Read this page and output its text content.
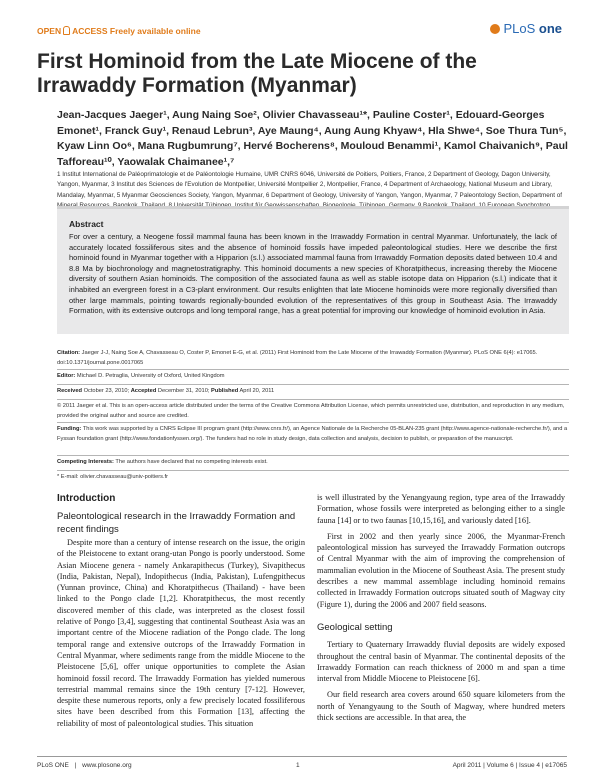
OPEN ACCESS Freely available online	PLoS one
First Hominoid from the Late Miocene of the Irrawaddy Formation (Myanmar)
Jean-Jacques Jaeger¹, Aung Naing Soe², Olivier Chavasseau¹*, Pauline Coster¹, Edouard-Georges Emonet¹, Franck Guy¹, Renaud Lebrun³, Aye Maung⁴, Aung Aung Khyaw⁴, Hla Shwe⁴, Soe Thura Tun⁵, Kyaw Linn Oo⁶, Mana Rugbumrung⁷, Hervé Bocherens⁸, Mouloud Benammi¹, Kamol Chaivanich⁹, Paul Tafforeau¹⁰, Yaowalak Chaimanee¹,⁷
1 Institut International de Paléoprimatologie et de Paléontologie Humaine, UMR CNRS 6046, Université de Poitiers, Poitiers, France, 2 Department of Geology, Dagon University, Yangon, Myanmar, 3 Institut des Sciences de l'Evolution de Montpellier, Université Montpellier 2, Montpellier, France, 4 Department of Archaeology, National Museum and Library, Mandalay, Myanmar, 5 Myanmar Geosciences Society, Yangon, Myanmar, 6 Department of Geology, University of Yangon, Yangon, Myanmar, 7 Paleontology Section, Department of
Abstract
For over a century, a Neogene fossil mammal fauna has been known in the Irrawaddy Formation in central Myanmar. Unfortunately, the lack of accurately located fossiliferous sites and the absence of hominoid fossils have impeded paleontological studies. Here we describe the first hominoid found in Myanmar together with a Hipparion (s.l.) associated mammal fauna from Irrawaddy Formation deposits dated between 10.4 and 8.8 Ma by biochronology and magnetostratigraphy. This hominoid documents a new species of Khoratpithecus, increasing thereby the Miocene diversity of southern Asian hominoids. The composition of the associated fauna as well as stable isotope data on Hipparion (s.l.) indicate that it inhabited an evergreen forest in a C3-plant environment. Our results enlighten that late Miocene hominoids were more regionally diversified than other large mammals, pointing towards regionally-bounded evolution of the representatives of this group in Southeast Asia. The Irrawaddy Formation, with its extensive outcrops and long temporal range, has a great potential for improving our knowledge of hominoid evolution in Asia.
Citation: Jaeger J-J, Naing Soe A, Chavasseau O, Coster P, Emonet E-G, et al. (2011) First Hominoid from the Late Miocene of the Irrawaddy Formation (Myanmar). PLoS ONE 6(4): e17065. doi:10.1371/journal.pone.0017065
Editor: Michael D. Petraglia, University of Oxford, United Kingdom
Received October 23, 2010; Accepted December 31, 2010; Published April 20, 2011
© 2011 Jaeger et al. This is an open-access article distributed under the terms of the Creative Commons Attribution License, which permits unrestricted use, distribution, and reproduction in any medium, provided the original author and source are credited.
Funding: This work was supported by a CNRS Eclipse III program grant (http://www.cnrs.fr/), an Agence Nationale de la Recherche 05-BLAN-235 grant (http://www.agence-nationale-recherche.fr/), and a Fyssan foundation grant (http://www.fondationfyssen.org/). The funders had no role in study design, data collection and analysis, decision to publish, or preparation of the manuscript.
Competing Interests: The authors have declared that no competing interests exist.
* E-mail: olivier.chavasseau@univ-poitiers.fr
Introduction
Paleontological research in the Irrawaddy Formation and recent findings

Despite more than a century of intense research on the issue, the origin of the Pleistocene to extant orang-utan Pongo is poorly understood. Some Asian Miocene genera - namely Ankarapithecus (Turkey), Sivapithecus (India, Pakistan, Nepal), Indopithecus (India, Pakistan), Lufengpithecus (Yunnan province, China) and Khoratpithecus (Thailand) - have been linked to the Pongo clade [1,2]. Khoratpithecus, the most recently discovered member of this clade, was interpreted as the closest fossil relative of Pongo [3,4], suggesting that continental Southeast Asia was an important centre of the Miocene radiation of the Pongo clade. The long temporal range and extensive outcrops of the Irrawaddy Formation in Central Myanmar, where sediments range from the middle Miocene to the Pleistocene [5,6], offer unique opportunities to complete the Asian hominoid fossil record. The Irrawaddy Formation has yielded numerous terrestrial mammal remains since the 19th century [7-12]. However, despite these numerous reports, only a few precisely located fossiliferous sites have been described from this Formation [13], affecting the reliability of most of paleontological studies. This situation

is well illustrated by the Yenangyaung region, type area of the Irrawaddy Formation, whose fossils were interpreted as belonging either to a single fauna [14] or to two faunas [10,15,16], and variously dated [16].

First in 2002 and then yearly since 2006, the Myanmar-French paleontological mission has surveyed the Irrawaddy Formation outcrops of Central Myanmar with the aim of improving the comprehension of mammalian evolution in the Miocene of Southeast Asia. The present study describes a new mammal assemblage including hominoid remains collected in Irrawaddy Formation outcrops situated south of Magway city (Figure 1), during the 2006 and 2007 field seasons.

Geological setting

Tertiary to Quaternary Irrawaddy fluvial deposits are widely exposed throughout the central basin of Myanmar. The continental deposits of the Irrawaddy Formation can reach thickness of 2000 m and span a time interval from Middle Miocene to Pleistocene [6].

Our field research area covers around 650 square kilometers from the north of Yenangyaung to the South of Magway, where hundred meters thick sections are accessible. In that area, the

PLoS ONE | www.plosone.org	1	April 2011 | Volume 6 | Issue 4 | e17065
